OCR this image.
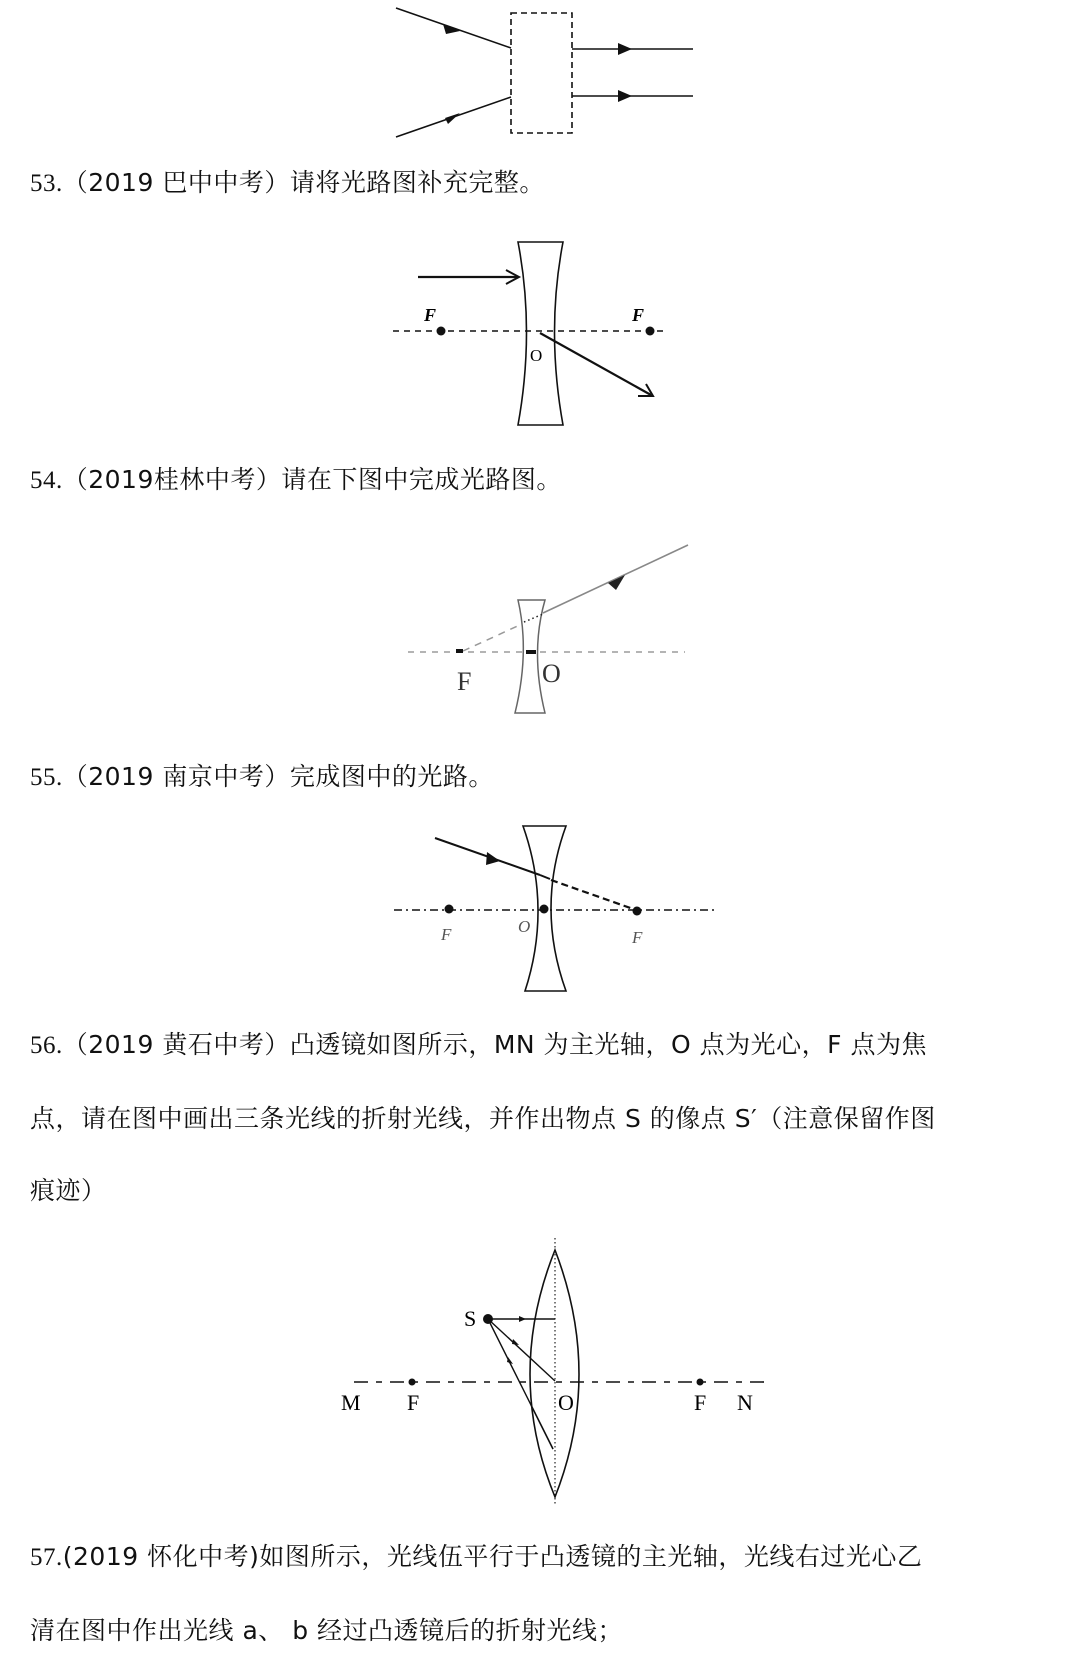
53.（2019 巴中中考）请将光路图补充完整。
F	F
O
54.（2019桂林中考）请在下图中完成光路图。
F	O
55.（2019 南京中考）完成图中的光路。
F	O
F
56.（2019 黄石中考）凸透镜如图所示，MN 为主光轴，O 点为光心，F 点为焦
点，请在图中画出三条光线的折射光线，并作出物点 S 的像点 S′（注意保留作图
痕迹）
S
M F	O	F N
57.(2019 怀化中考)如图所示，光线伍平行于凸透镜的主光轴，光线右过光心乙
清在图中作出光线 a、 b 经过凸透镜后的折射光线；
